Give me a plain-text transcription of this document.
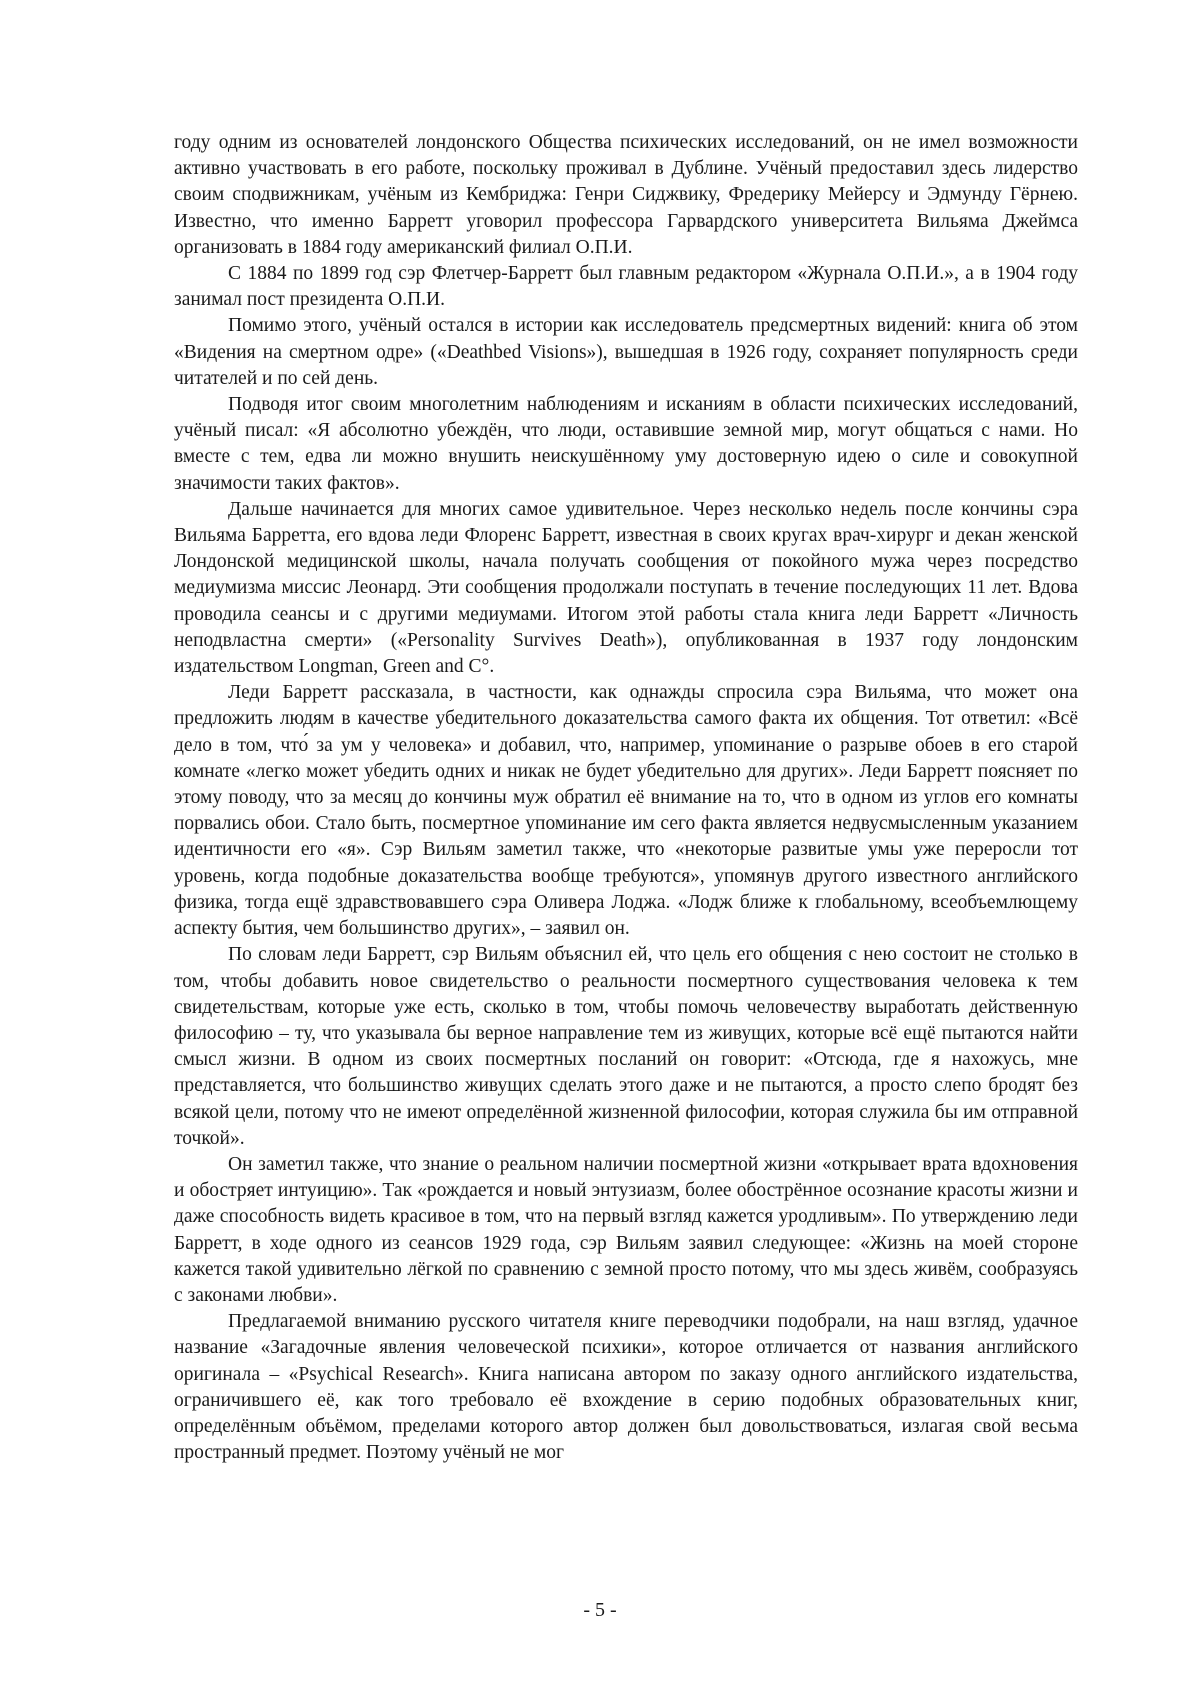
году одним из основателей лондонского Общества психических исследований, он не имел возможности активно участвовать в его работе, поскольку проживал в Дублине. Учёный предоставил здесь лидерство своим сподвижникам, учёным из Кембриджа: Генри Сиджвику, Фредерику Мейерсу и Эдмунду Гёрнею. Известно, что именно Барретт уговорил профессора Гарвардского университета Вильяма Джеймса организовать в 1884 году американский филиал О.П.И.

С 1884 по 1899 год сэр Флетчер-Барретт был главным редактором «Журнала О.П.И.», а в 1904 году занимал пост президента О.П.И.

Помимо этого, учёный остался в истории как исследователь предсмертных видений: книга об этом «Видения на смертном одре» («Deathbed Visions»), вышедшая в 1926 году, сохраняет популярность среди читателей и по сей день.

Подводя итог своим многолетним наблюдениям и исканиям в области психических исследований, учёный писал: «Я абсолютно убеждён, что люди, оставившие земной мир, могут общаться с нами. Но вместе с тем, едва ли можно внушить неискушённому уму достоверную идею о силе и совокупной значимости таких фактов».

Дальше начинается для многих самое удивительное. Через несколько недель после кончины сэра Вильяма Барретта, его вдова леди Флоренс Барретт, известная в своих кругах врач-хирург и декан женской Лондонской медицинской школы, начала получать сообщения от покойного мужа через посредство медиумизма миссис Леонард. Эти сообщения продолжали поступать в течение последующих 11 лет. Вдова проводила сеансы и с другими медиумами. Итогом этой работы стала книга леди Барретт «Личность неподвластна смерти» («Personality Survives Death»), опубликованная в 1937 году лондонским издательством Longman, Green and C°.

Леди Барретт рассказала, в частности, как однажды спросила сэра Вильяма, что может она предложить людям в качестве убедительного доказательства самого факта их общения. Тот ответил: «Всё дело в том, что́ за ум у человека» и добавил, что, например, упоминание о разрыве обоев в его старой комнате «легко может убедить одних и никак не будет убедительно для других». Леди Барретт поясняет по этому поводу, что за месяц до кончины муж обратил её внимание на то, что в одном из углов его комнаты порвались обои. Стало быть, посмертное упоминание им сего факта является недвусмысленным указанием идентичности его «я». Сэр Вильям заметил также, что «некоторые развитые умы уже переросли тот уровень, когда подобные доказательства вообще требуются», упомянув другого известного английского физика, тогда ещё здравствовавшего сэра Оливера Лоджа. «Лодж ближе к глобальному, всеобъемлющему аспекту бытия, чем большинство других», – заявил он.

По словам леди Барретт, сэр Вильям объяснил ей, что цель его общения с нею состоит не столько в том, чтобы добавить новое свидетельство о реальности посмертного существования человека к тем свидетельствам, которые уже есть, сколько в том, чтобы помочь человечеству выработать действенную философию – ту, что указывала бы верное направление тем из живущих, которые всё ещё пытаются найти смысл жизни. В одном из своих посмертных посланий он говорит: «Отсюда, где я нахожусь, мне представляется, что большинство живущих сделать этого даже и не пытаются, а просто слепо бродят без всякой цели, потому что не имеют определённой жизненной философии, которая служила бы им отправной точкой».

Он заметил также, что знание о реальном наличии посмертной жизни «открывает врата вдохновения и обостряет интуицию». Так «рождается и новый энтузиазм, более обострённое осознание красоты жизни и даже способность видеть красивое в том, что на первый взгляд кажется уродливым». По утверждению леди Барретт, в ходе одного из сеансов 1929 года, сэр Вильям заявил следующее: «Жизнь на моей стороне кажется такой удивительно лёгкой по сравнению с земной просто потому, что мы здесь живём, сообразуясь с законами любви».

Предлагаемой вниманию русского читателя книге переводчики подобрали, на наш взгляд, удачное название «Загадочные явления человеческой психики», которое отличается от названия английского оригинала – «Psychical Research». Книга написана автором по заказу одного английского издательства, ограничившего её, как того требовало её вхождение в серию подобных образовательных книг, определённым объёмом, пределами которого автор должен был довольствоваться, излагая свой весьма пространный предмет. Поэтому учёный не мог

- 5 -
